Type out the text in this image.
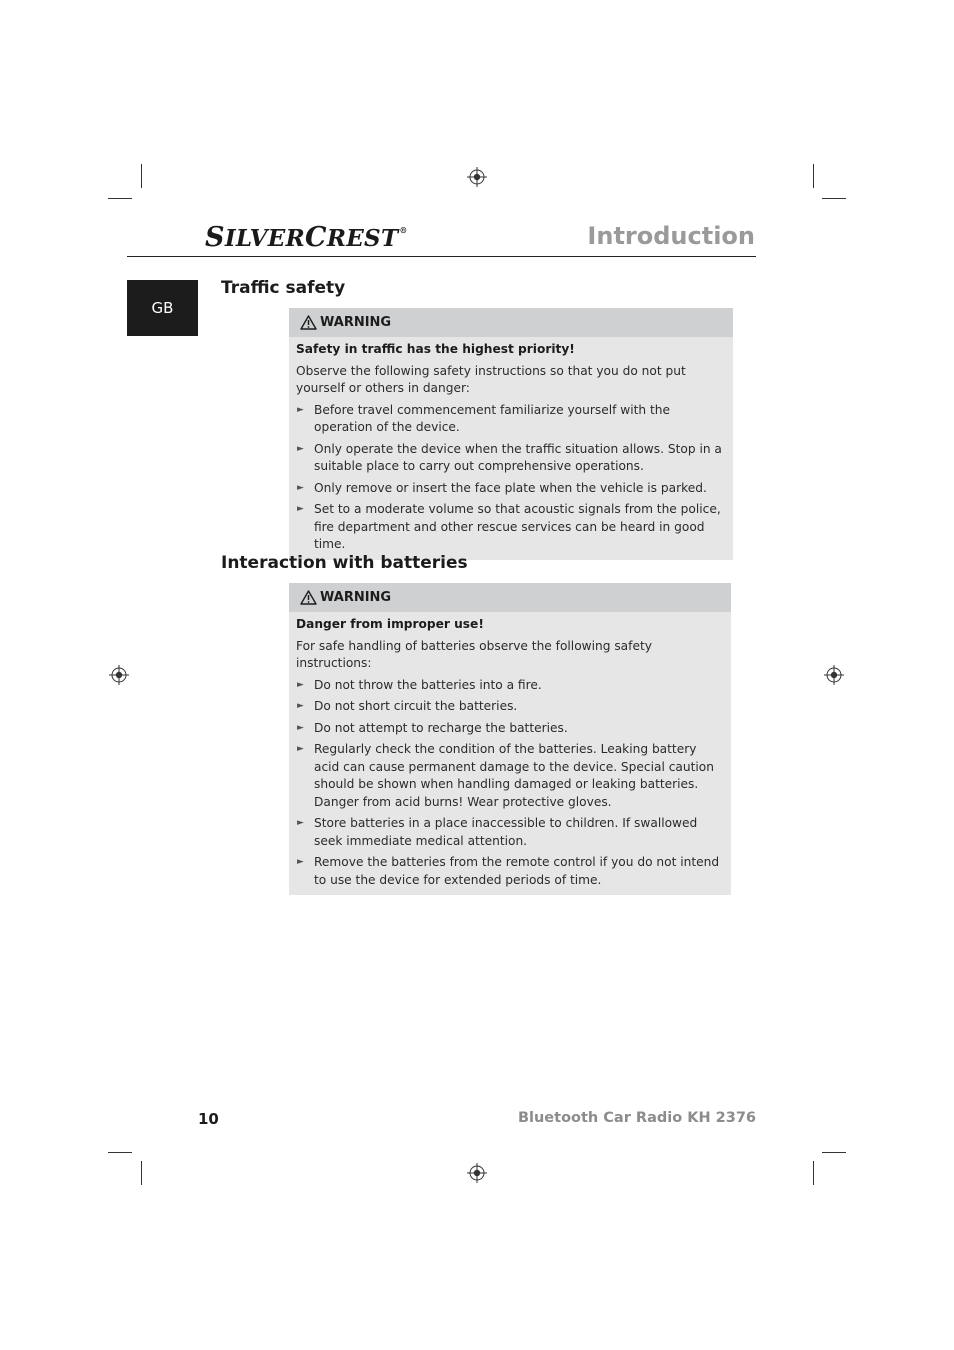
SILVERCREST®	Introduction
GB
Traffic safety
WARNING
Safety in traffic has the highest priority!
Observe the following safety instructions so that you do not put yourself or others in danger:
► Before travel commencement familiarize yourself with the operation of the device.
► Only operate the device when the traffic situation allows. Stop in a suitable place to carry out comprehensive operations.
► Only remove or insert the face plate when the vehicle is parked.
► Set to a moderate volume so that acoustic signals from the police, fire department and other rescue services can be heard in good time.
Interaction with batteries
WARNING
Danger from improper use!
For safe handling of batteries observe the following safety instructions:
► Do not throw the batteries into a fire.
► Do not short circuit the batteries.
► Do not attempt to recharge the batteries.
► Regularly check the condition of the batteries. Leaking battery acid can cause permanent damage to the device. Special caution should be shown when handling damaged or leaking batteries. Danger from acid burns! Wear protective gloves.
► Store batteries in a place inaccessible to children. If swallowed seek immediate medical attention.
► Remove the batteries from the remote control if you do not intend to use the device for extended periods of time.
10	Bluetooth Car Radio KH 2376
